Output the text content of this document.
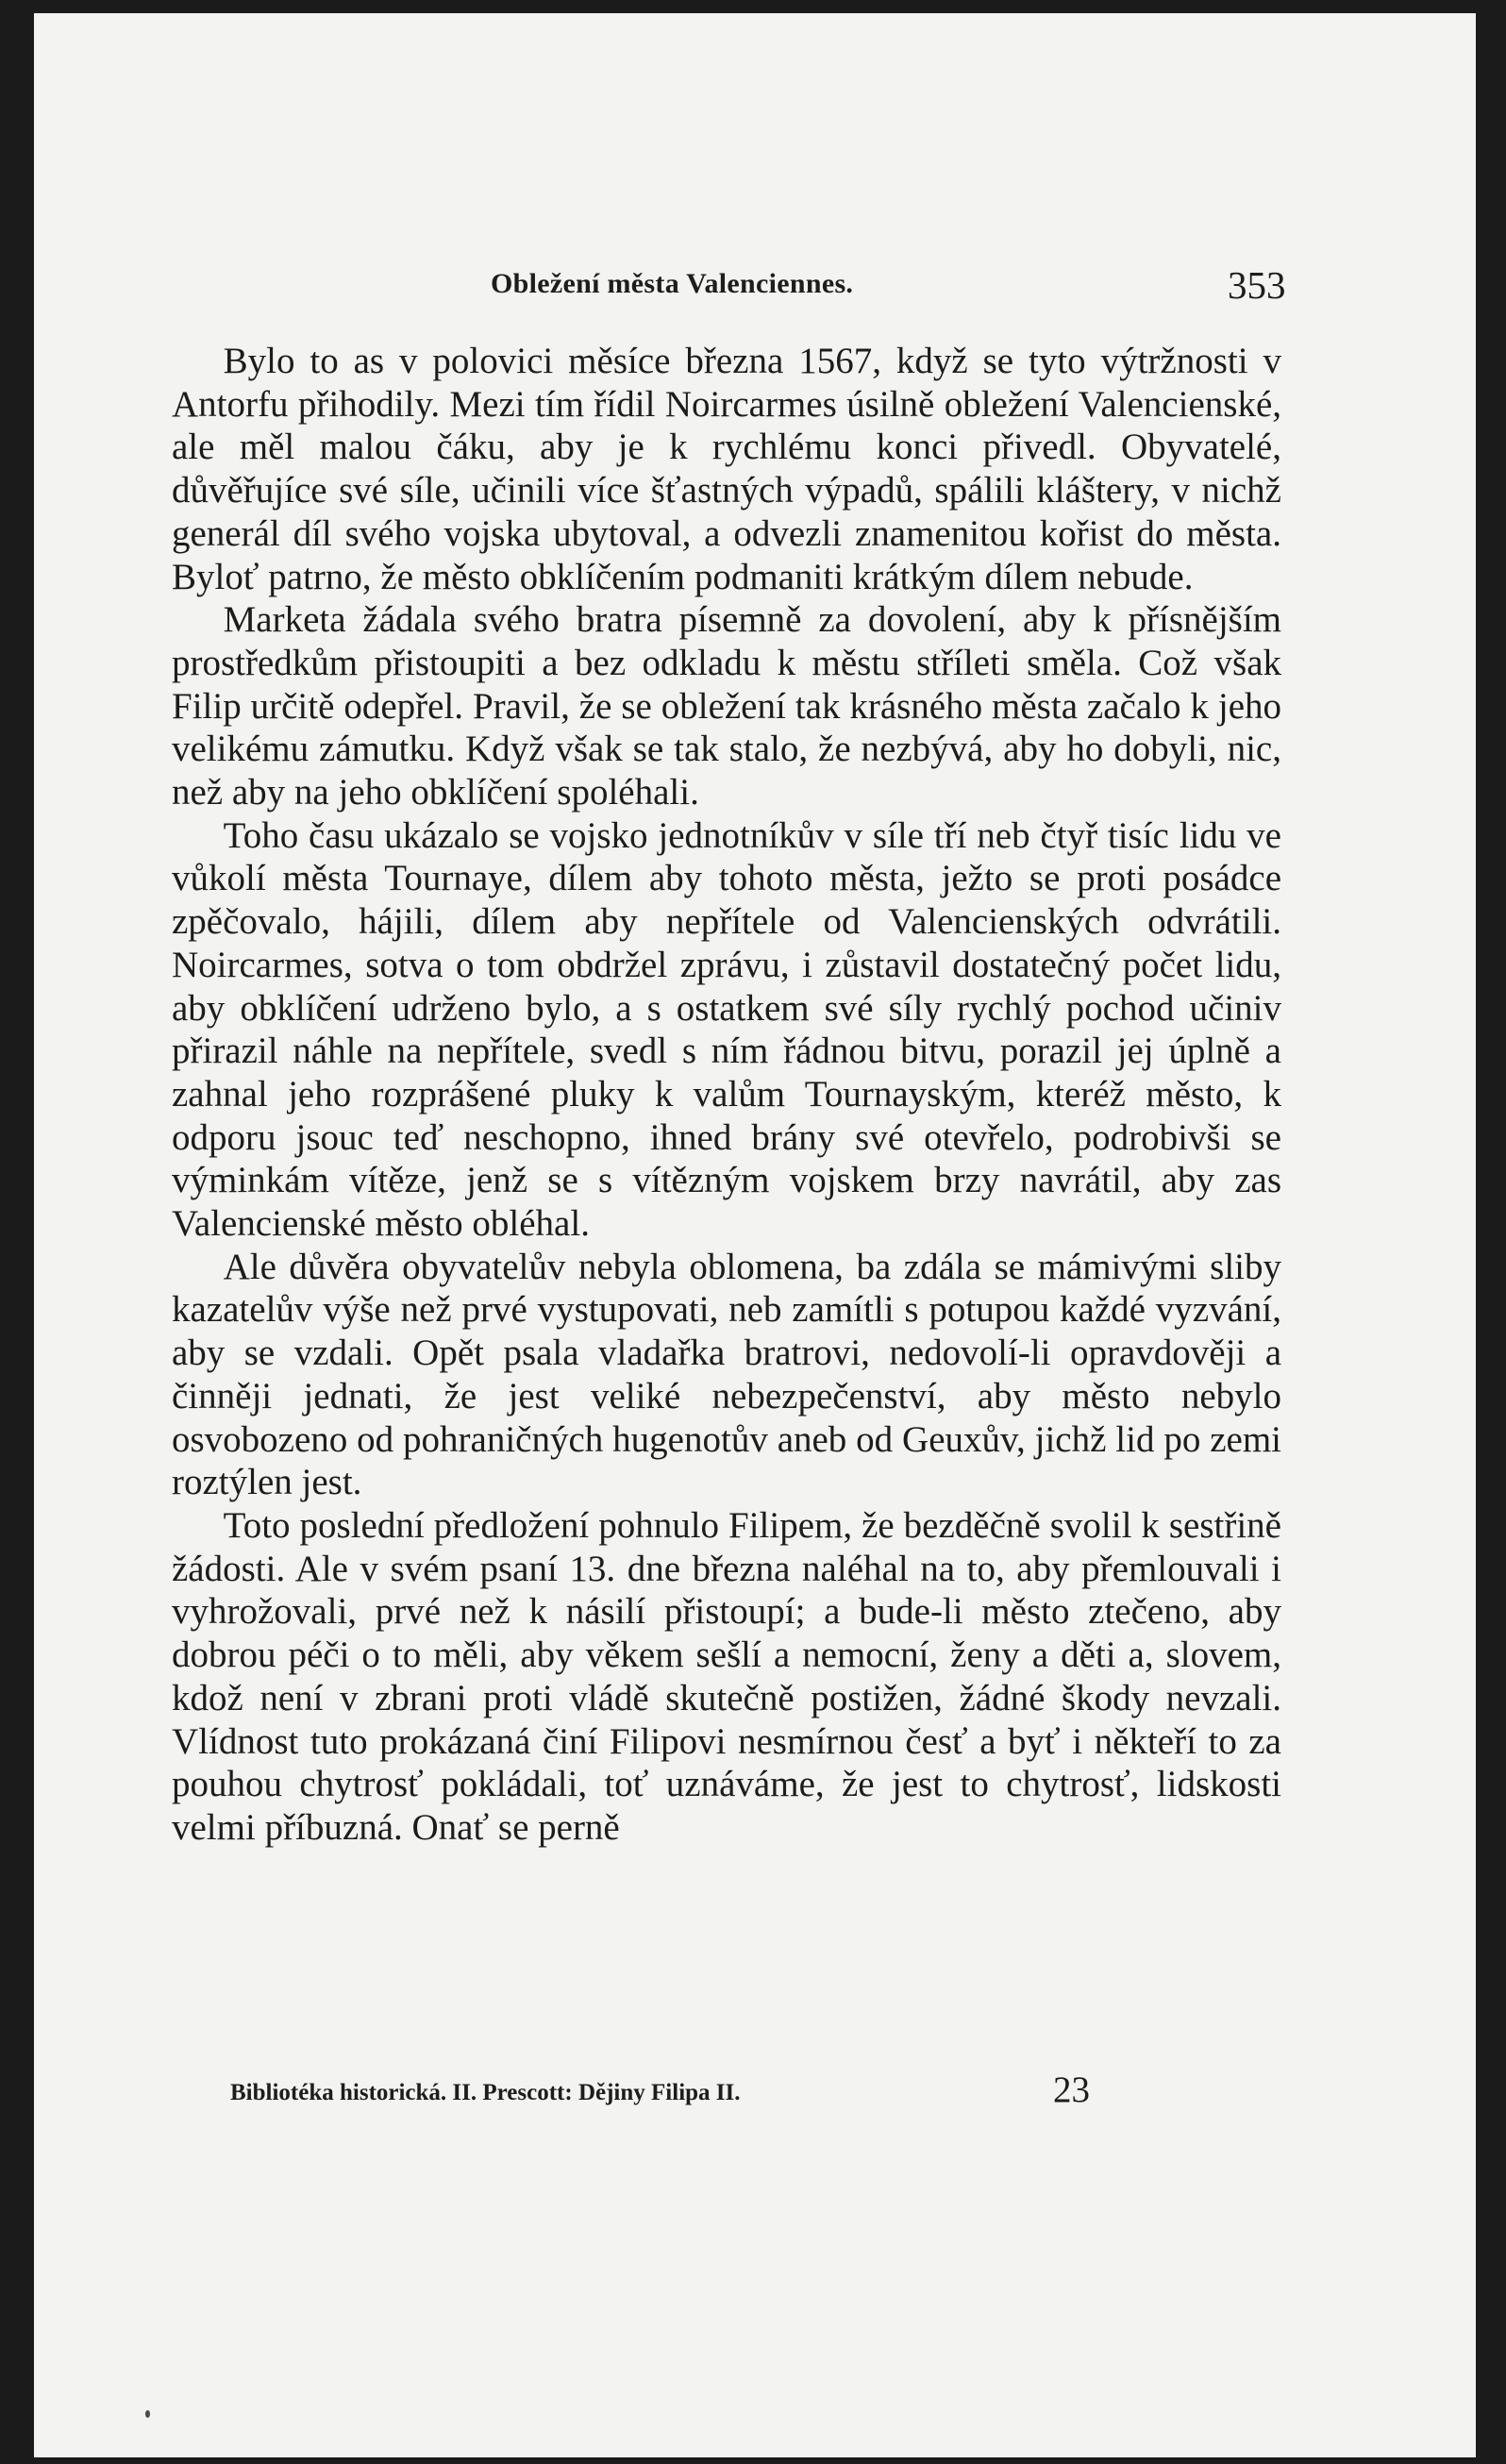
Obležení města Valenciennes.	353

Bylo to as v polovici měsíce března 1567, když se tyto výtržnosti v Antorfu přihodily. Mezi tím řídil Noircarmes úsilně obležení Valencienské, ale měl malou čáku, aby je k rychlému konci přivedl. Obyvatelé, důvěřujíce své síle, učinili více šťastných výpadů, spálili kláštery, v nichž generál díl svého vojska ubytoval, a odvezli znamenitou kořist do města. Byloť patrno, že město obklíčením podmaniti krátkým dílem nebude.

Marketa žádala svého bratra písemně za dovolení, aby k přísnějším prostředkům přistoupiti a bez odkladu k městu stříleti směla. Což však Filip určitě odepřel. Pravil, že se obležení tak krásného města začalo k jeho velikému zámutku. Když však se tak stalo, že nezbývá, aby ho dobyli, nic, než aby na jeho obklíčení spoléhali.

Toho času ukázalo se vojsko jednotníkův v síle tří neb čtyř tisíc lidu ve vůkolí města Tournaye, dílem aby tohoto města, ježto se proti posádce zpěčovalo, hájili, dílem aby nepřítele od Valencienských odvrátili. Noircarmes, sotva o tom obdržel zprávu, i zůstavil dostatečný počet lidu, aby obklíčení udrženo bylo, a s ostatkem své síly rychlý pochod učiniv přirazil náhle na nepřítele, svedl s ním řádnou bitvu, porazil jej úplně a zahnal jeho rozprášené pluky k valům Tournayským, kteréž město, k odporu jsouc teď neschopno, ihned brány své otevřelo, podrobivši se výminkám vítěze, jenž se s vítězným vojskem brzy navrátil, aby zas Valencienské město obléhal.

Ale důvěra obyvatelův nebyla oblomena, ba zdála se mámivými sliby kazatelův výše než prvé vystupovati, neb zamítli s potupou každé vyzvání, aby se vzdali. Opět psala vladařka bratrovi, nedovolí-li opravdověji a činněji jednati, že jest veliké nebezpečenství, aby město nebylo osvobozeno od pohraničných hugenotův aneb od Geuxův, jichž lid po zemi roztýlen jest.

Toto poslední předložení pohnulo Filipem, že bezděčně svolil k sestřině žádosti. Ale v svém psaní 13. dne března naléhal na to, aby přemlouvali i vyhrožovali, prvé než k násilí přistoupí; a bude-li město ztečeno, aby dobrou péči o to měli, aby věkem sešlí a nemocní, ženy a děti a, slovem, kdož není v zbrani proti vládě skutečně postižen, žádné škody nevzali. Vlídnost tuto prokázaná činí Filipovi nesmírnou česť a byť i někteří to za pouhou chytrosť pokládali, toť uznáváme, že jest to chytrosť, lidskosti velmi příbuzná. Onať se perně

Bibliotéka historická. II. Prescott: Dějiny Filipa II.	23
